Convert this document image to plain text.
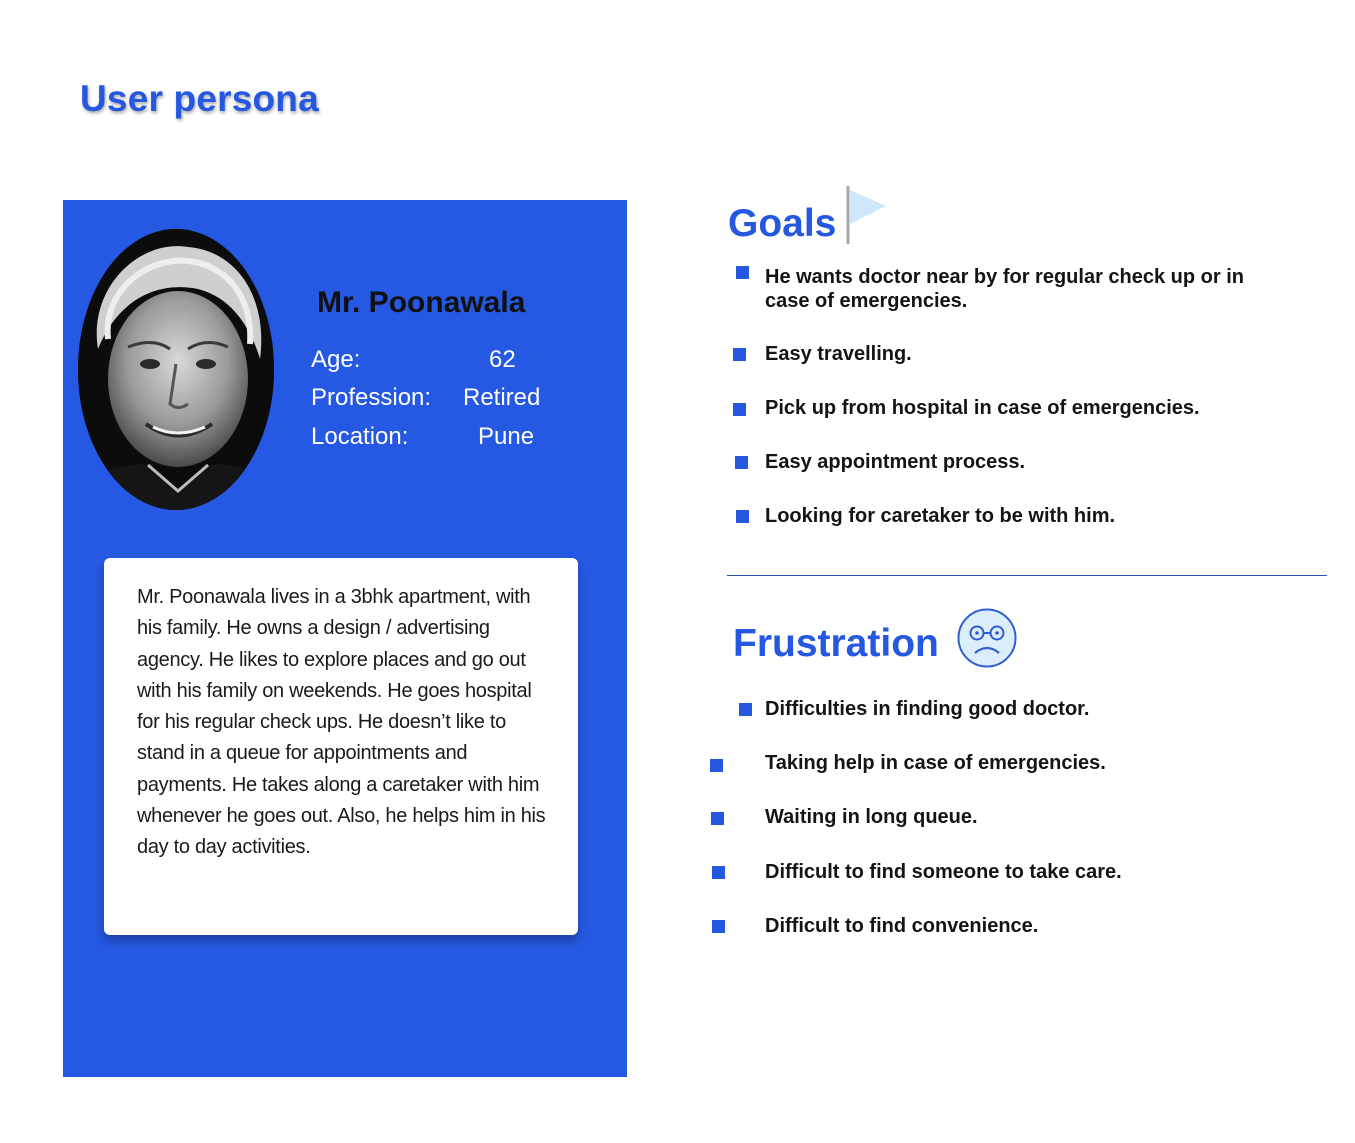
User persona
Mr. Poonawala
Age:	62
Profession: Retired
Location:	Pune
Mr. Poonawala lives in a 3bhk apartment, with his family. He owns a design / advertising agency. He likes to explore places and go out with his family on weekends. He goes hospital for his regular check ups. He doesn’t like to stand in a queue for appointments and payments. He takes along a caretaker with him whenever he goes out. Also, he helps him in his day to day activities.
Goals
He wants doctor near by for regular check up or in case of emergencies.
Easy travelling.
Pick up from hospital in case of emergencies.
Easy appointment process.
Looking for caretaker to be with him.
Frustration
Difficulties in finding good doctor.
Taking help in case of emergencies.
Waiting in long queue.
Difficult to find someone to take care.
Difficult to find convenience.
